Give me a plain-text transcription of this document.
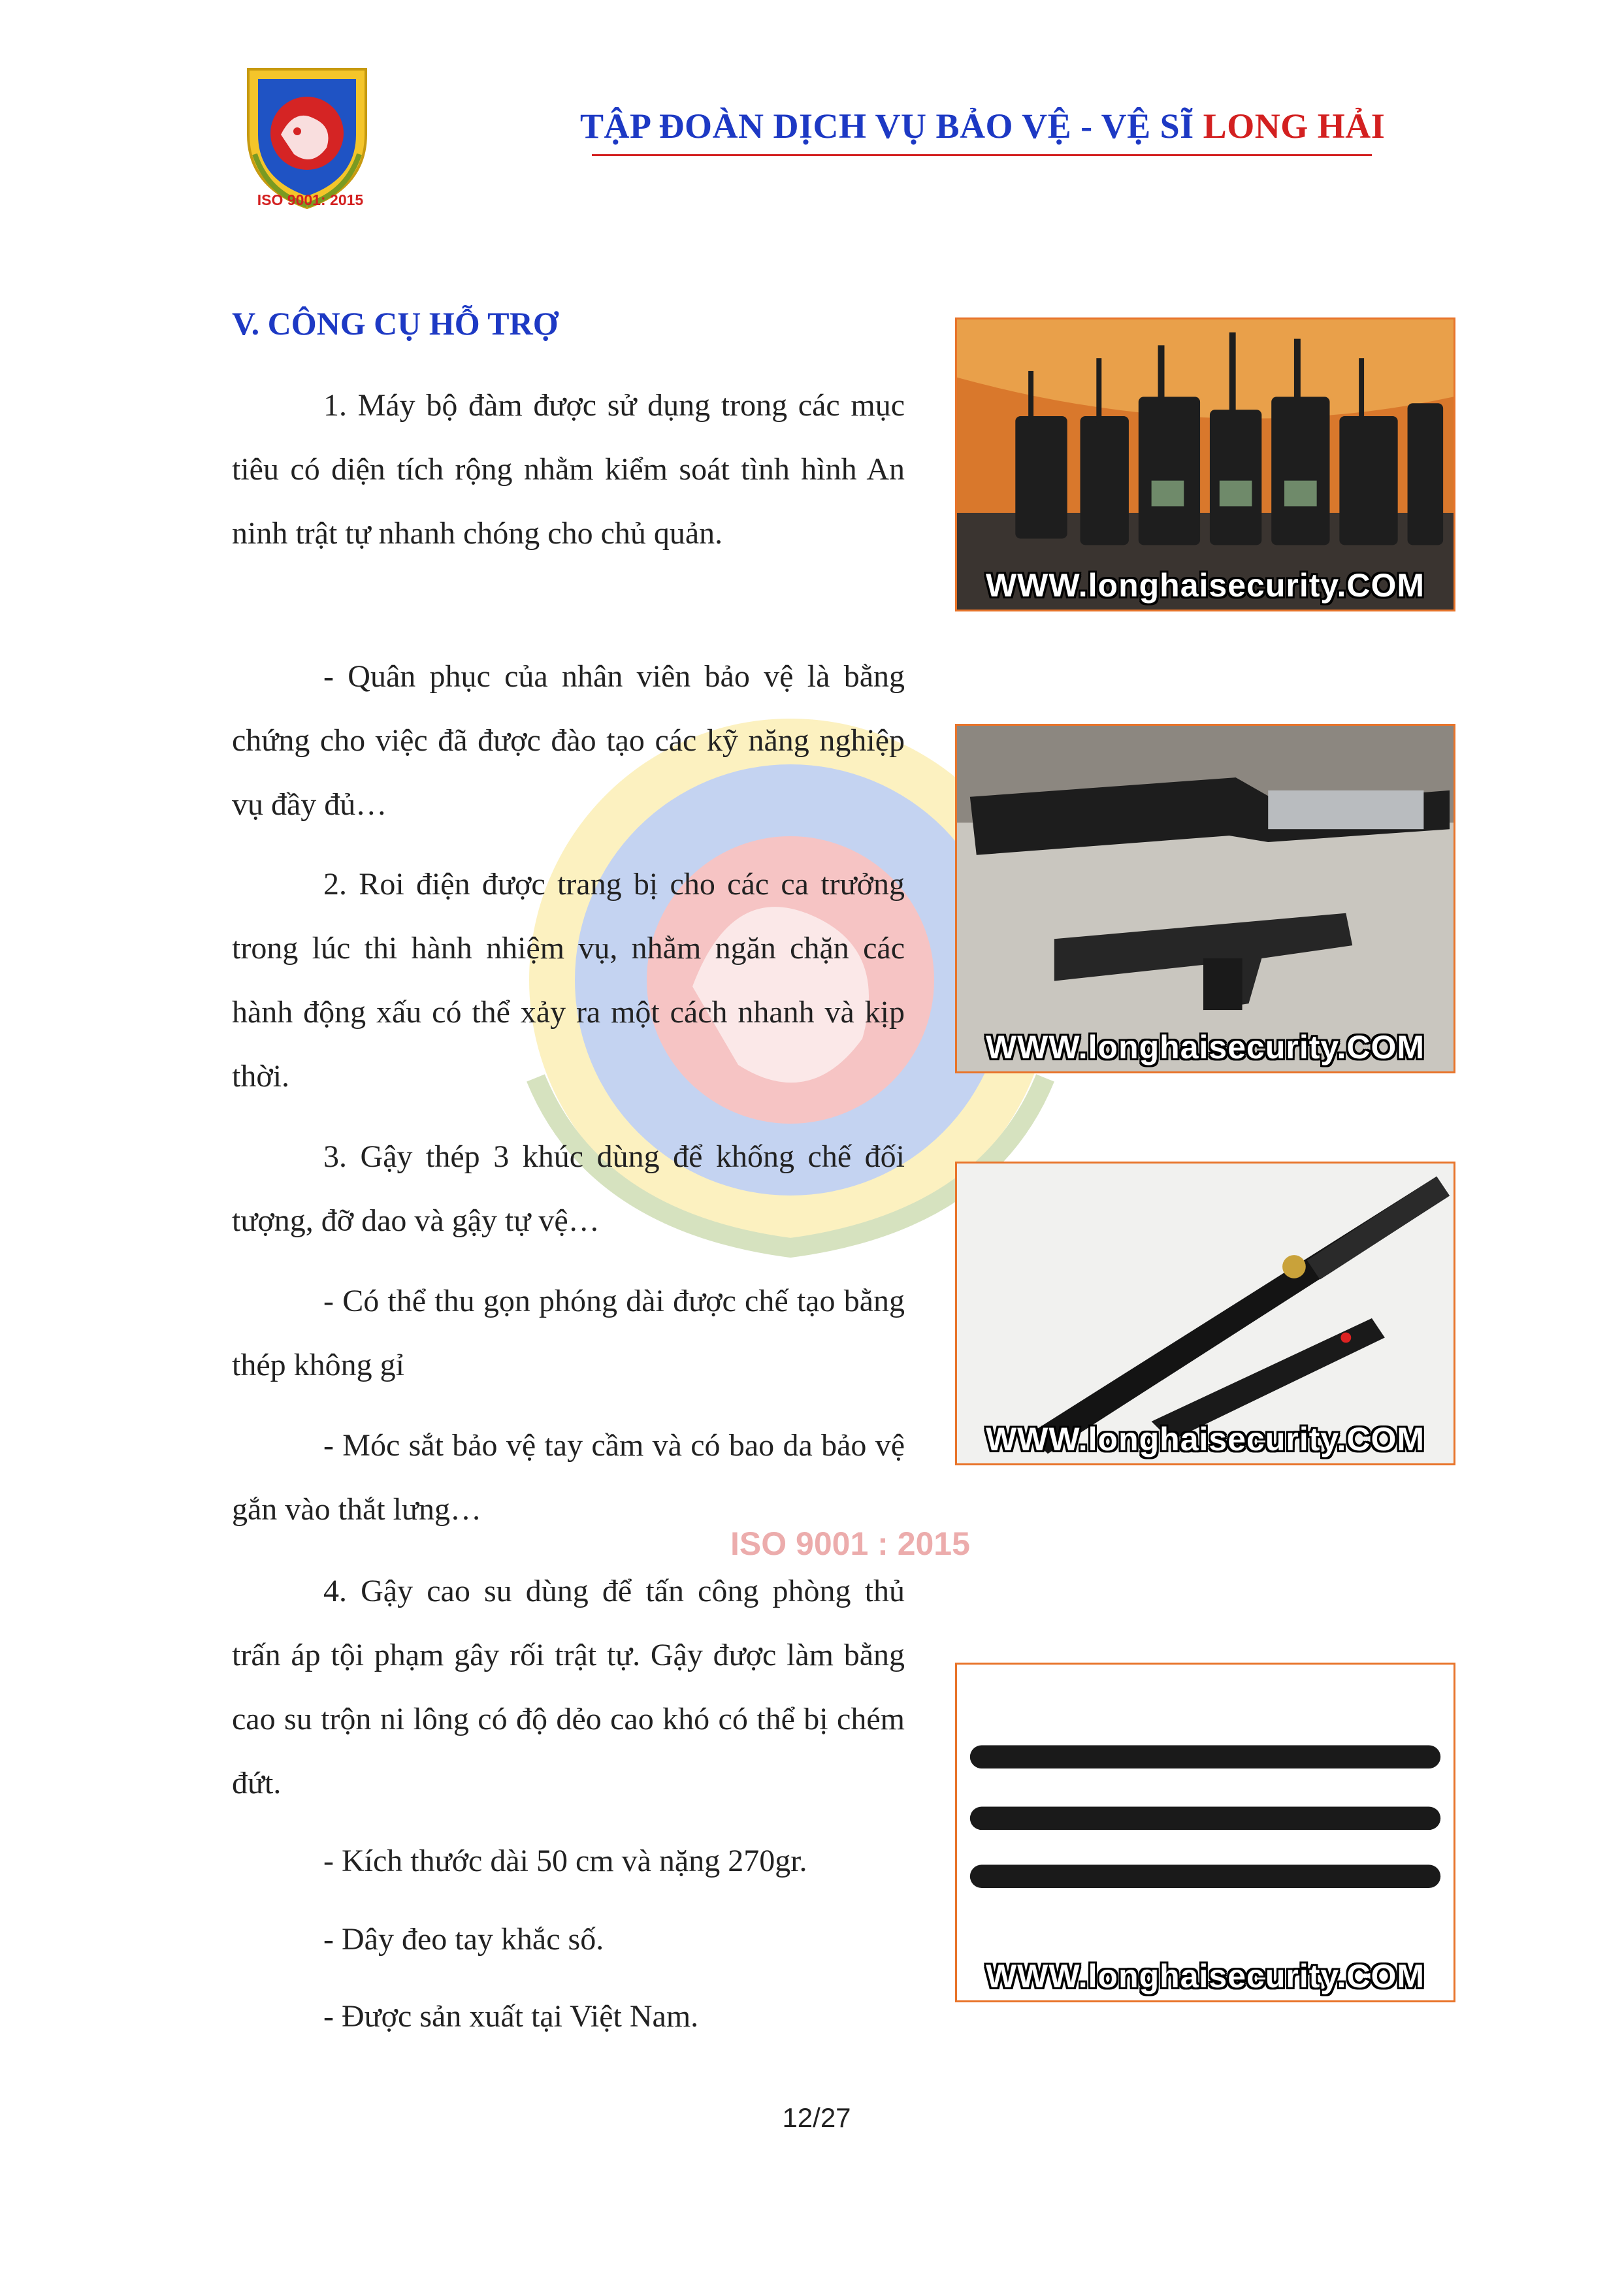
ISO 9001: 2015
TẬP ĐOÀN DỊCH VỤ BẢO VỆ - VỆ SĨ LONG HẢI
ISO 9001 : 2015
V. CÔNG CỤ HỖ TRỢ

1. Máy bộ đàm được sử dụng trong các mục tiêu có diện tích rộng nhằm kiểm soát tình hình An ninh trật tự nhanh chóng cho chủ quản.

- Quân phục của nhân viên bảo vệ là bằng chứng cho việc đã được đào tạo các kỹ năng nghiệp vụ đầy đủ…

2. Roi điện được trang bị cho các ca trưởng trong lúc thi hành nhiệm vụ, nhằm ngăn chặn các hành động xấu có thể xảy ra một cách nhanh và kịp thời.

3. Gậy thép 3 khúc dùng để khống chế đối tượng, đỡ dao và gậy tự vệ…

- Có thể thu gọn phóng dài được chế tạo bằng thép không gỉ

- Móc sắt bảo vệ tay cầm và có bao da bảo vệ gắn vào thắt lưng…

4. Gậy cao su dùng để tấn công phòng thủ trấn áp tội phạm gây rối trật tự. Gậy được làm bằng cao su trộn ni lông có độ dẻo cao khó có thể bị chém đứt.

- Kích thước dài 50 cm và nặng 270gr.

- Dây đeo tay khắc số.

- Được sản xuất tại Việt Nam.

WWW.longhaisecurity.COM
WWW.longhaisecurity.COM
WWW.longhaisecurity.COM
WWW.longhaisecurity.COM
12/27
